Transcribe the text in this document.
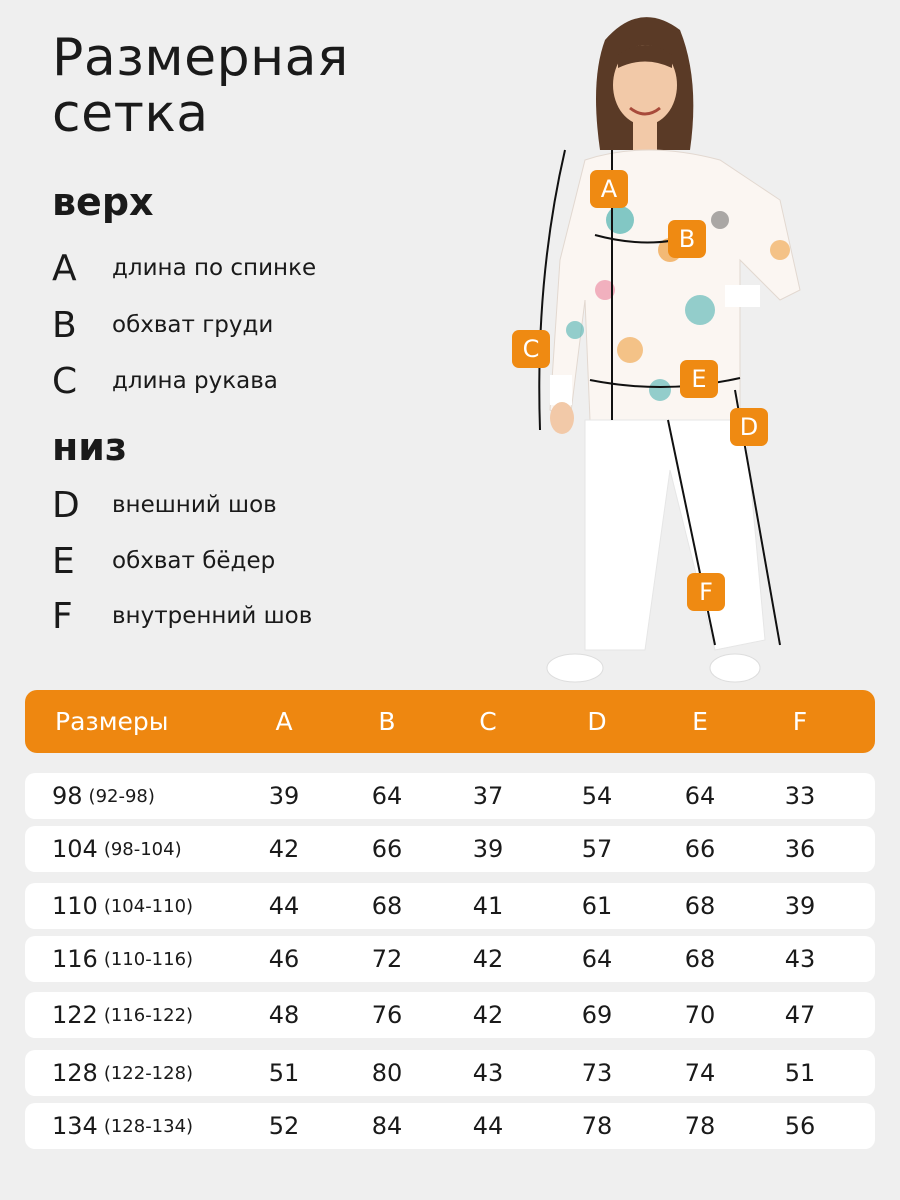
Размерная сетка
верх
A	длина по спинке
B	обхват груди
C	длина рукава
низ
D	внешний шов
E	обхват бёдер
F	внутренний шов
A
B
C
D
E
F
Размеры	A	B	C	D	E	F
98 (92-98)	39	64	37	54	64	33
104 (98-104)	42	66	39	57	66	36
110 (104-110)	44	68	41	61	68	39
116 (110-116)	46	72	42	64	68	43
122 (116-122)	48	76	42	69	70	47
128 (122-128)	51	80	43	73	74	51
134 (128-134)	52	84	44	78	78	56
